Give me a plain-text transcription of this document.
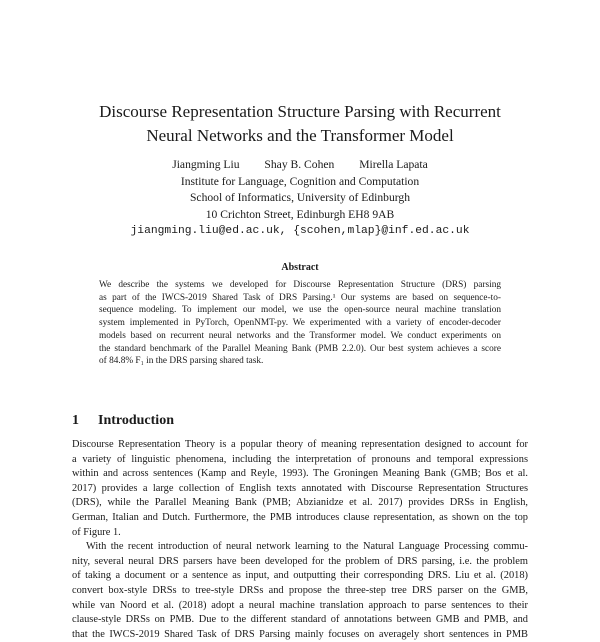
Discourse Representation Structure Parsing with Recurrent
Neural Networks and the Transformer Model
Jiangming Liu Shay B. Cohen Mirella Lapata
Institute for Language, Cognition and Computation
School of Informatics, University of Edinburgh
10 Crichton Street, Edinburgh EH8 9AB
jiangming.liu@ed.ac.uk, {scohen,mlap}@inf.ed.ac.uk
Abstract
We describe the systems we developed for Discourse Representation Structure (DRS) parsing
as part of the IWCS-2019 Shared Task of DRS Parsing.¹ Our systems are based on sequence-to-
sequence modeling. To implement our model, we use the open-source neural machine translation
system implemented in PyTorch, OpenNMT-py. We experimented with a variety of encoder-decoder
models based on recurrent neural networks and the Transformer model. We conduct experiments on
the standard benchmark of the Parallel Meaning Bank (PMB 2.2.0). Our best system achieves a score
of 84.8% F₁ in the DRS parsing shared task.
1 Introduction
Discourse Representation Theory is a popular theory of meaning representation designed to account for
a variety of linguistic phenomena, including the interpretation of pronouns and temporal expressions
within and across sentences (Kamp and Reyle, 1993). The Groningen Meaning Bank (GMB; Bos et al.
2017) provides a large collection of English texts annotated with Discourse Representation Structures
(DRS), while the Parallel Meaning Bank (PMB; Abzianidze et al. 2017) provides DRSs in English,
German, Italian and Dutch. Furthermore, the PMB introduces clause representation, as shown on the top
of Figure 1.
With the recent introduction of neural network learning to the Natural Language Processing commu-
nity, several neural DRS parsers have been developed for the problem of DRS parsing, i.e. the problem
of taking a document or a sentence as input, and outputting their corresponding DRS. Liu et al. (2018)
convert box-style DRSs to tree-style DRSs and propose the three-step tree DRS parser on the GMB,
while van Noord et al. (2018) adopt a neural machine translation approach to parse sentences to their
clause-style DRSs on PMB. Due to the different standard of annotations between GMB and PMB, and
that the IWCS-2019 Shared Task of DRS Parsing mainly focuses on averagely short sentences in PMB
